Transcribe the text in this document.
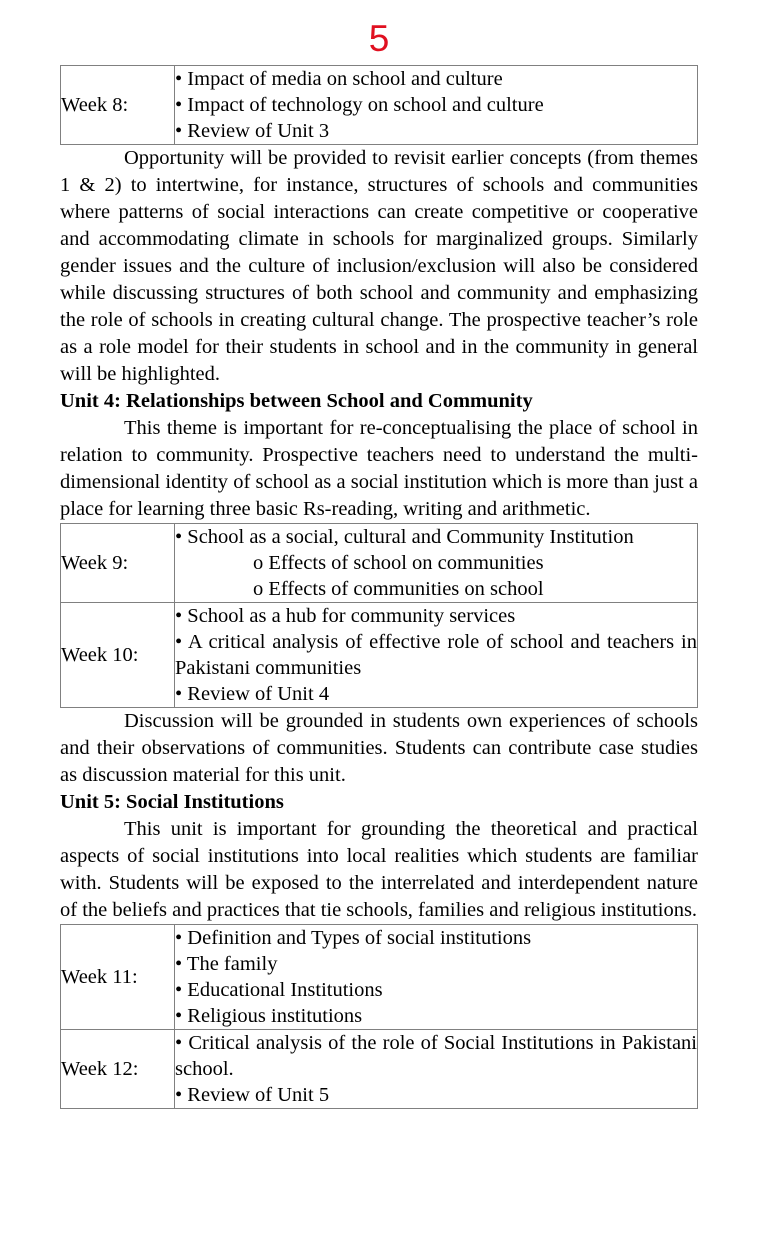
5
Week 8:	
• Impact of media on school and culture
• Impact of technology on school and culture
• Review of Unit 3

Opportunity will be provided to revisit earlier concepts (from themes 1 & 2) to intertwine, for instance, structures of schools and communities where patterns of social interactions can create competitive or cooperative and accommodating climate in schools for marginalized groups. Similarly gender issues and the culture of inclusion/exclusion will also be considered while discussing structures of both school and community and emphasizing the role of schools in creating cultural change. The prospective teacher’s role as a role model for their students in school and in the community in general will be highlighted.

Unit 4: Relationships between School and Community

This theme is important for re-conceptualising the place of school in relation to community. Prospective teachers need to understand the multi-dimensional identity of school as a social institution which is more than just a place for learning three basic Rs-reading, writing and arithmetic.

Week 9:	• School as a social, cultural and Community Institution
o Effects of school on communities
o Effects of communities on school

Week 10:	• School as a hub for community services
• A critical analysis of effective role of school and teachers in Pakistani communities
• Review of Unit 4

Discussion will be grounded in students own experiences of schools and their observations of communities. Students can contribute case studies as discussion material for this unit.

Unit 5: Social Institutions

This unit is important for grounding the theoretical and practical aspects of social institutions into local realities which students are familiar with. Students will be exposed to the interrelated and interdependent nature of the beliefs and practices that tie schools, families and religious institutions.

Week 11:	• Definition and Types of social institutions
• The family
• Educational Institutions
• Religious institutions

Week 12:	• Critical analysis of the role of Social Institutions in Pakistani school.
• Review of Unit 5
